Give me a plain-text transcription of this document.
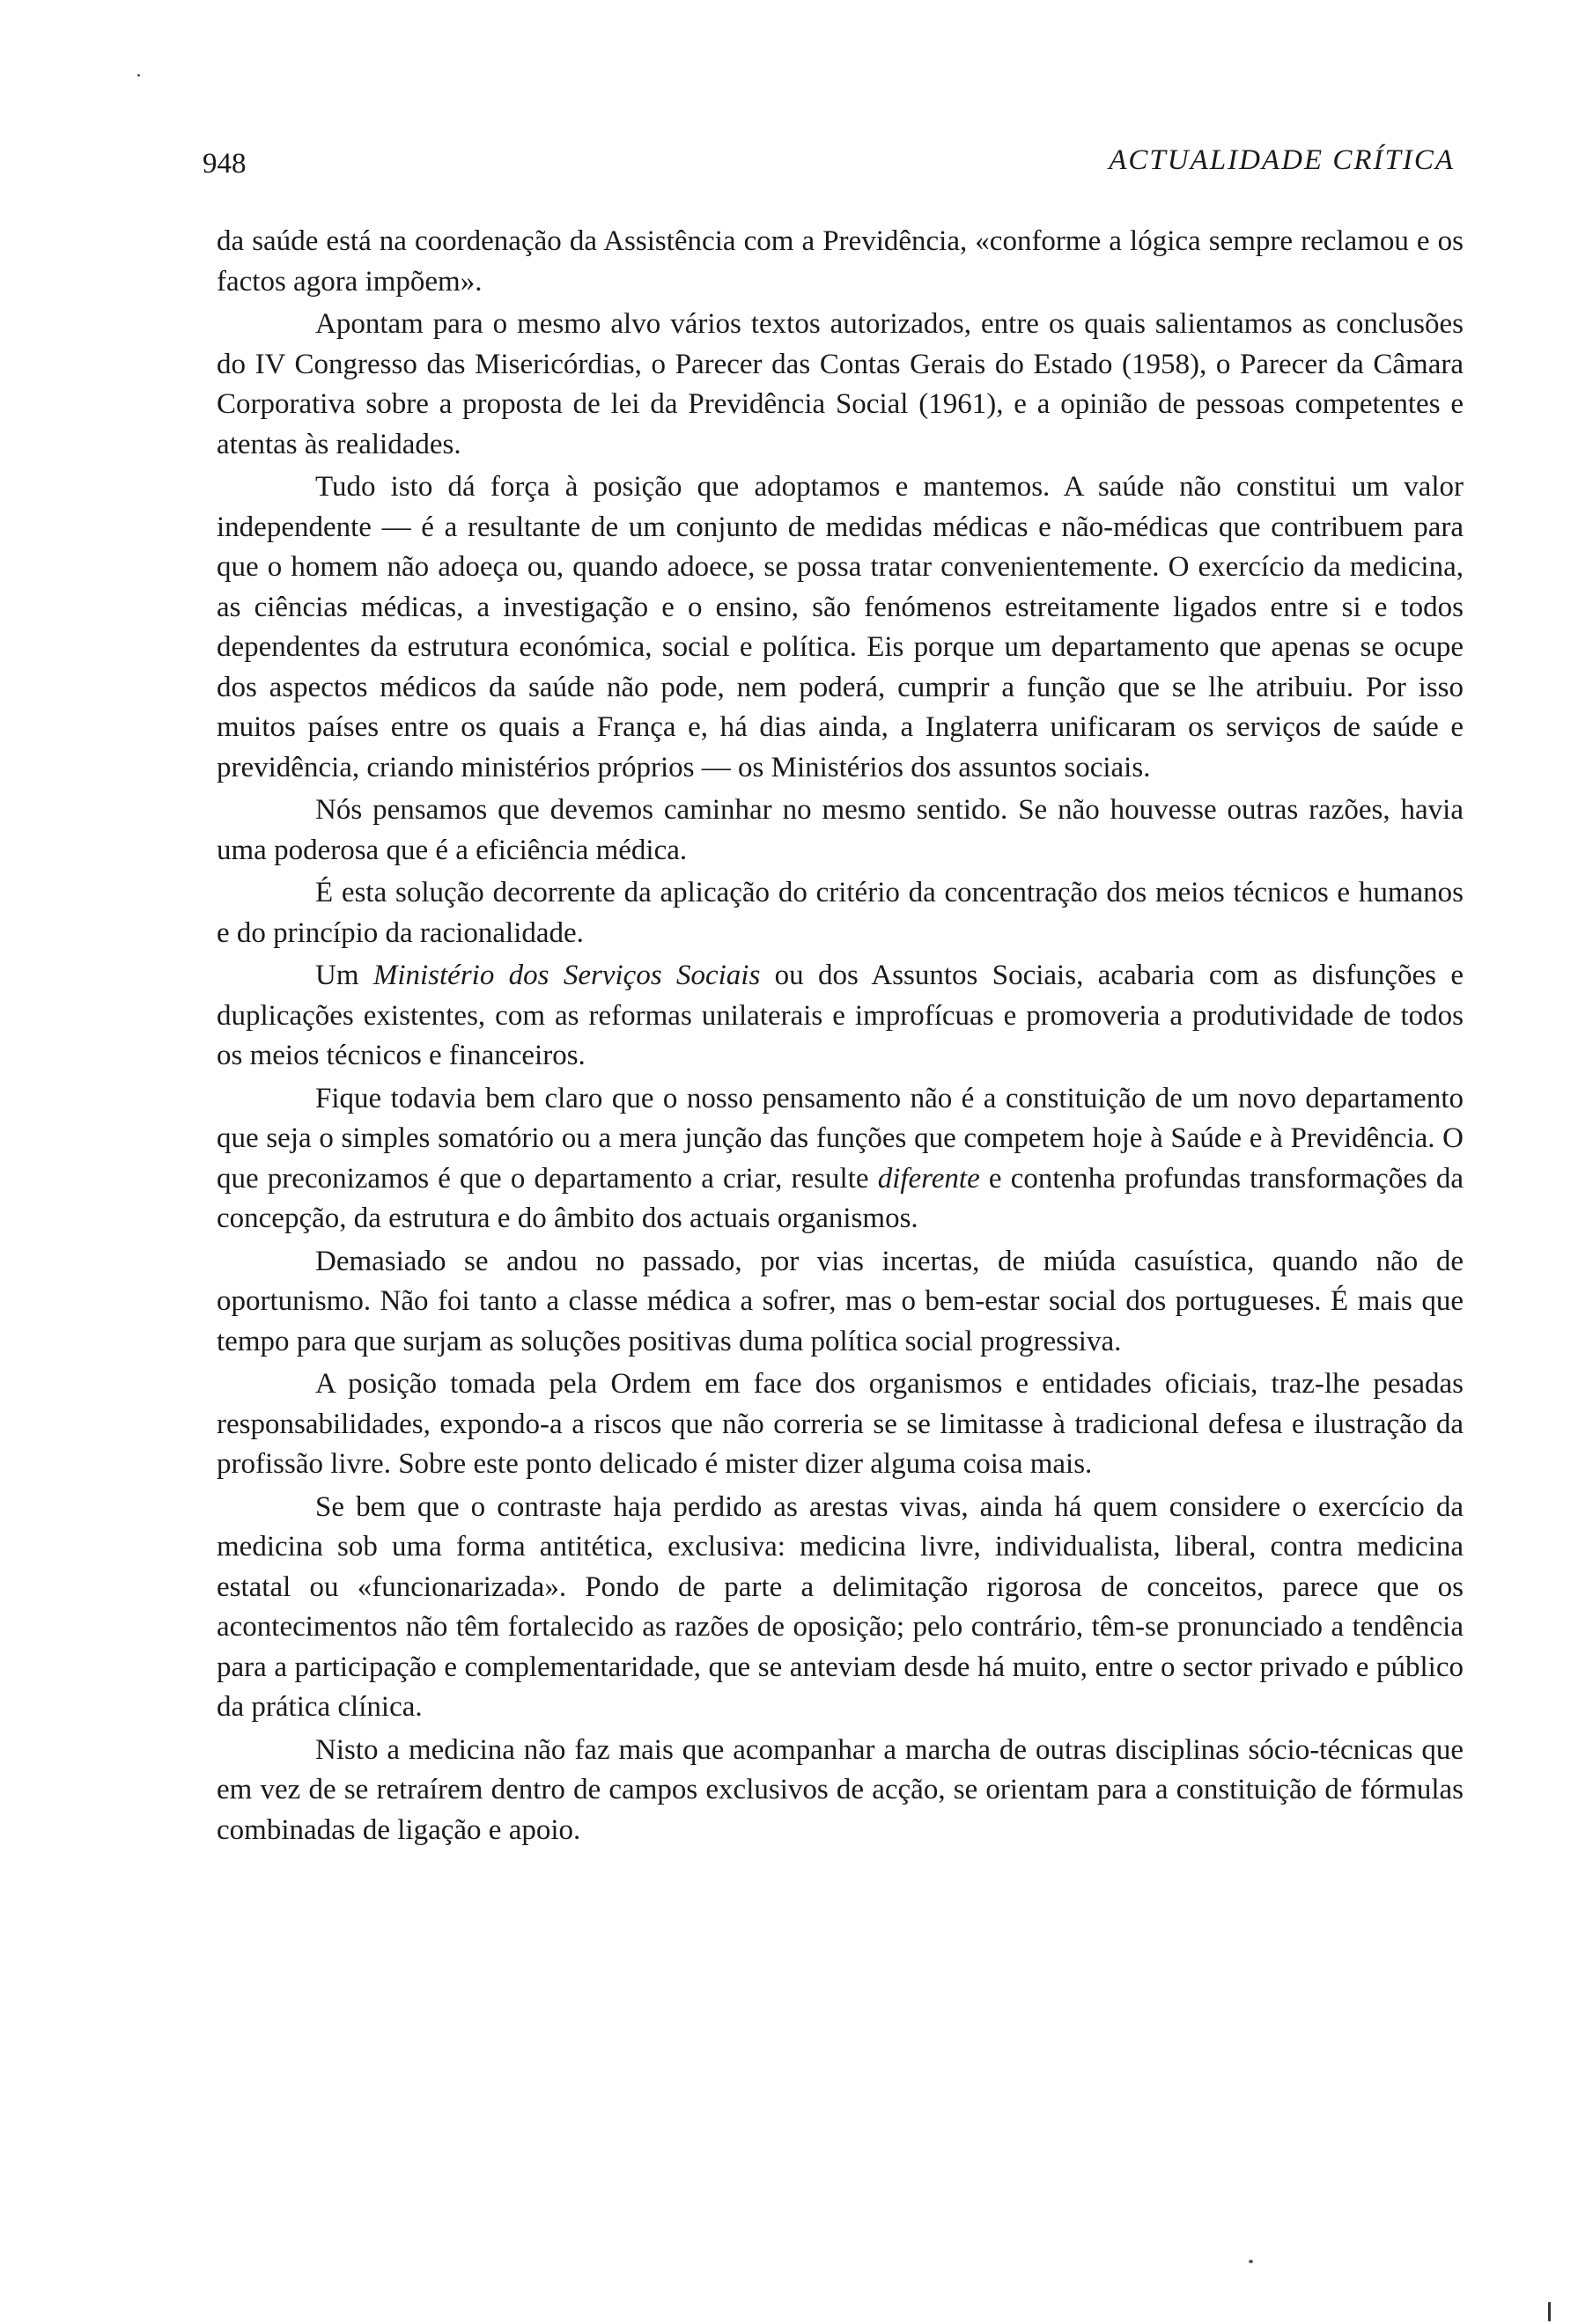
948	ACTUALIDADE CRÍTICA

da saúde está na coordenação da Assistência com a Previdência, «conforme a lógica sempre reclamou e os factos agora impõem».

Apontam para o mesmo alvo vários textos autorizados, entre os quais salientamos as conclusões do IV Congresso das Misericórdias, o Parecer das Contas Gerais do Estado (1958), o Parecer da Câmara Corporativa sobre a proposta de lei da Previdência Social (1961), e a opinião de pessoas competentes e atentas às realidades.

Tudo isto dá força à posição que adoptamos e mantemos. A saúde não constitui um valor independente — é a resultante de um conjunto de medidas médicas e não-médicas que contribuem para que o homem não adoeça ou, quando adoece, se possa tratar convenientemente. O exercício da medicina, as ciências médicas, a investigação e o ensino, são fenómenos estreitamente ligados entre si e todos dependentes da estrutura económica, social e política. Eis porque um departamento que apenas se ocupe dos aspectos médicos da saúde não pode, nem poderá, cumprir a função que se lhe atribuiu. Por isso muitos países entre os quais a França e, há dias ainda, a Inglaterra unificaram os serviços de saúde e previdência, criando ministérios próprios — os Ministérios dos assuntos sociais.

Nós pensamos que devemos caminhar no mesmo sentido. Se não houvesse outras razões, havia uma poderosa que é a eficiência médica.

É esta solução decorrente da aplicação do critério da concentração dos meios técnicos e humanos e do princípio da racionalidade.

Um Ministério dos Serviços Sociais ou dos Assuntos Sociais, acabaria com as disfunções e duplicações existentes, com as reformas unilaterais e improfícuas e promoveria a produtividade de todos os meios técnicos e financeiros.

Fique todavia bem claro que o nosso pensamento não é a constituição de um novo departamento que seja o simples somatório ou a mera junção das funções que competem hoje à Saúde e à Previdência. O que preconizamos é que o departamento a criar, resulte diferente e contenha profundas transformações da concepção, da estrutura e do âmbito dos actuais organismos.

Demasiado se andou no passado, por vias incertas, de miúda casuística, quando não de oportunismo. Não foi tanto a classe médica a sofrer, mas o bem-estar social dos portugueses. É mais que tempo para que surjam as soluções positivas duma política social progressiva.

A posição tomada pela Ordem em face dos organismos e entidades oficiais, traz-lhe pesadas responsabilidades, expondo-a a riscos que não correria se se limitasse à tradicional defesa e ilustração da profissão livre. Sobre este ponto delicado é mister dizer alguma coisa mais.

Se bem que o contraste haja perdido as arestas vivas, ainda há quem considere o exercício da medicina sob uma forma antitética, exclusiva: medicina livre, individualista, liberal, contra medicina estatal ou «funcionarizada». Pondo de parte a delimitação rigorosa de conceitos, parece que os acontecimentos não têm fortalecido as razões de oposição; pelo contrário, têm-se pronunciado a tendência para a participação e complementaridade, que se anteviam desde há muito, entre o sector privado e público da prática clínica.

Nisto a medicina não faz mais que acompanhar a marcha de outras disciplinas sócio-técnicas que em vez de se retraírem dentro de campos exclusivos de acção, se orientam para a constituição de fórmulas combinadas de ligação e apoio.
